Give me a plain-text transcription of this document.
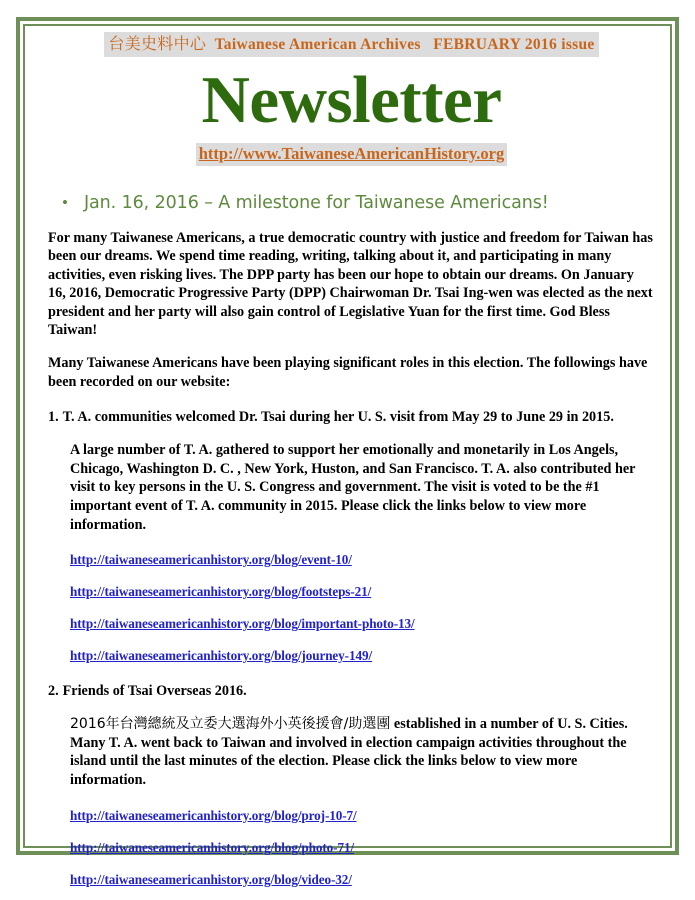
台美史料中心 Taiwanese American Archives FEBRUARY 2016 issue
Newsletter
http://www.TaiwaneseAmericanHistory.org
• Jan. 16, 2016 – A milestone for Taiwanese Americans!

For many Taiwanese Americans, a true democratic country with justice and freedom for Taiwan has been our dreams. We spend time reading, writing, talking about it, and participating in many activities, even risking lives. The DPP party has been our hope to obtain our dreams. On January 16, 2016, Democratic Progressive Party (DPP) Chairwoman Dr. Tsai Ing-wen was elected as the next president and her party will also gain control of Legislative Yuan for the first time. God Bless Taiwan!

Many Taiwanese Americans have been playing significant roles in this election. The followings have been recorded on our website:

1. T. A. communities welcomed Dr. Tsai during her U. S. visit from May 29 to June 29 in 2015.

A large number of T. A. gathered to support her emotionally and monetarily in Los Angels, Chicago, Washington D. C. , New York, Huston, and San Francisco. T. A. also contributed her visit to key persons in the U. S. Congress and government. The visit is voted to be the #1 important event of T. A. community in 2015. Please click the links below to view more information.

http://taiwaneseamericanhistory.org/blog/event-10/
http://taiwaneseamericanhistory.org/blog/footsteps-21/
http://taiwaneseamericanhistory.org/blog/important-photo-13/
http://taiwaneseamericanhistory.org/blog/journey-149/

2. Friends of Tsai Overseas 2016.

2016年台灣總統及立委大選海外小英後援會/助選團 established in a number of U. S. Cities. Many T. A. went back to Taiwan and involved in election campaign activities throughout the island until the last minutes of the election. Please click the links below to view more information.

http://taiwaneseamericanhistory.org/blog/proj-10-7/
http://taiwaneseamericanhistory.org/blog/photo-71/
http://taiwaneseamericanhistory.org/blog/video-32/
